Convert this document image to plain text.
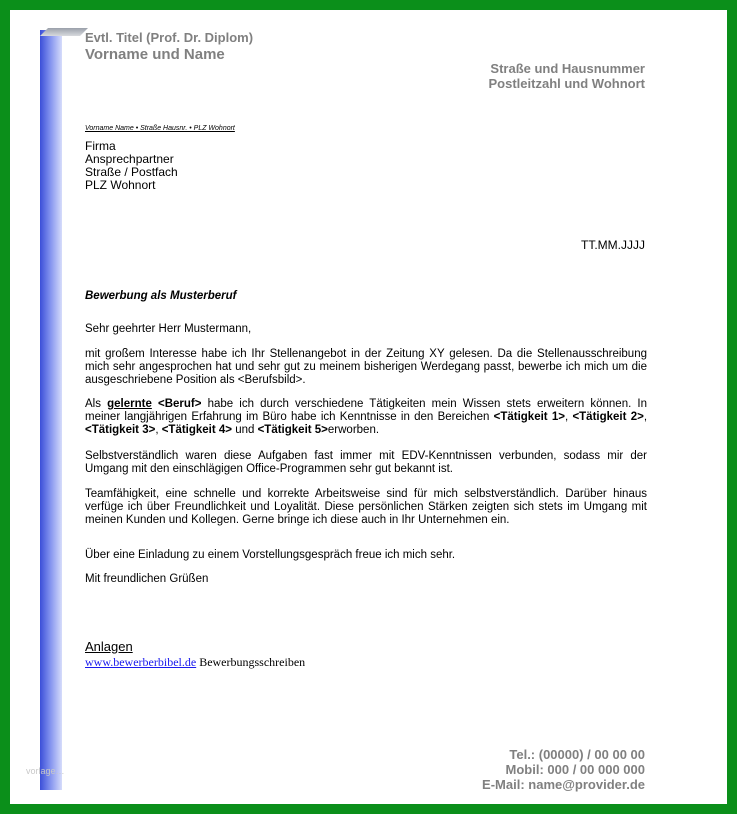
Evtl. Titel (Prof. Dr. Diplom)
Vorname und Name
Straße und Hausnummer
Postleitzahl und Wohnort
Vorname Name • Straße Hausnr. • PLZ Wohnort
Firma
Ansprechpartner
Straße / Postfach
PLZ Wohnort
TT.MM.JJJJ
Bewerbung als Musterberuf
Sehr geehrter Herr Mustermann,

mit großem Interesse habe ich Ihr Stellenangebot in der Zeitung XY gelesen. Da die Stellenausschreibung mich sehr angesprochen hat und sehr gut zu meinem bisherigen Werdegang passt, bewerbe ich mich um die ausgeschriebene Position als <Berufsbild>.

Als gelernte <Beruf> habe ich durch verschiedene Tätigkeiten mein Wissen stets erweitern können. In meiner langjährigen Erfahrung im Büro habe ich Kenntnisse in den Bereichen <Tätigkeit 1>, <Tätigkeit 2>, <Tätigkeit 3>, <Tätigkeit 4> und <Tätigkeit 5>erworben.

Selbstverständlich waren diese Aufgaben fast immer mit EDV-Kenntnissen verbunden, sodass mir der Umgang mit den einschlägigen Office-Programmen sehr gut bekannt ist.

Teamfähigkeit, eine schnelle und korrekte Arbeitsweise sind für mich selbstverständlich. Darüber hinaus verfüge ich über Freundlichkeit und Loyalität. Diese persönlichen Stärken zeigten sich stets im Umgang mit meinen Kunden und Kollegen. Gerne bringe ich diese auch in Ihr Unternehmen ein.

Über eine Einladung zu einem Vorstellungsgespräch freue ich mich sehr.

Mit freundlichen Grüßen
Anlagen
www.bewerberbibel.de Bewerbungsschreiben
Tel.: (00000) / 00 00 00
Mobil: 000 / 00 000 000
E-Mail: name@provider.de
vorlage…
